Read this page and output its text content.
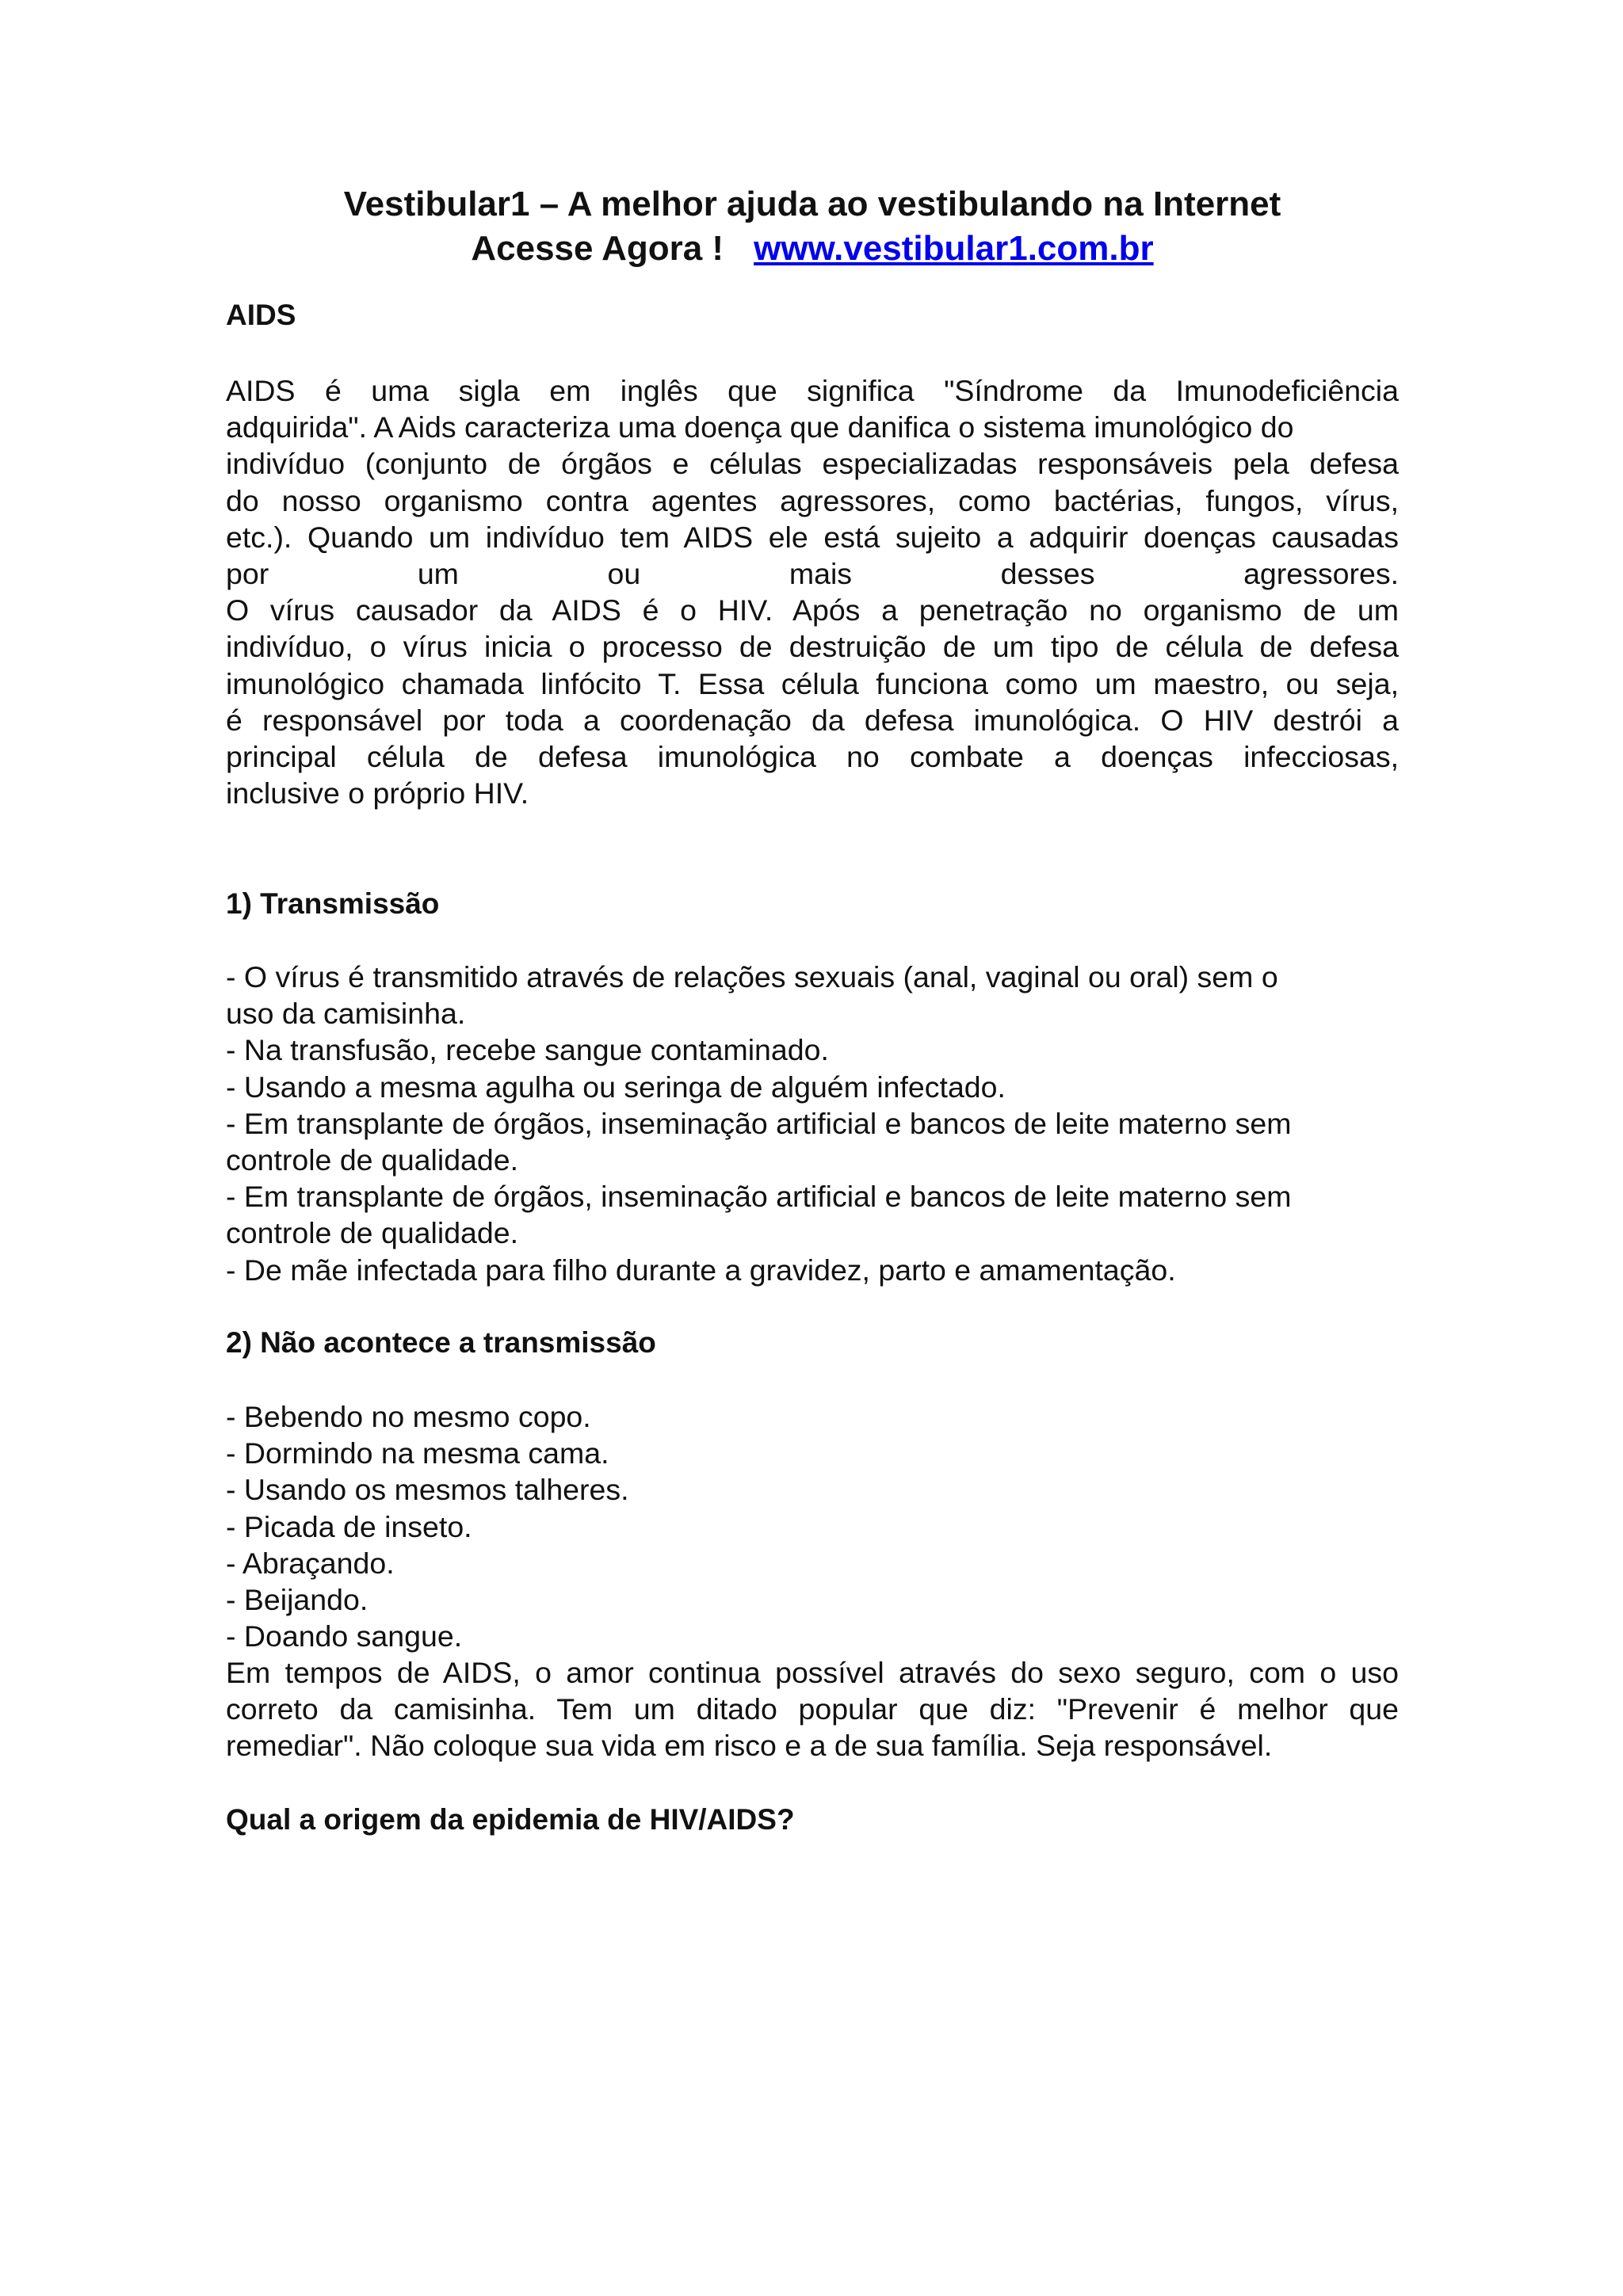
Vestibular1 – A melhor ajuda ao vestibulando na Internet
Acesse Agora ! www.vestibular1.com.br
AIDS
AIDS é uma sigla em inglês que significa "Síndrome da Imunodeficiência
adquirida". A Aids caracteriza uma doença que danifica o sistema imunológico do
indivíduo (conjunto de órgãos e células especializadas responsáveis pela defesa
do nosso organismo contra agentes agressores, como bactérias, fungos, vírus,
etc.). Quando um indivíduo tem AIDS ele está sujeito a adquirir doenças causadas
por um ou mais desses agressores.
O vírus causador da AIDS é o HIV. Após a penetração no organismo de um
indivíduo, o vírus inicia o processo de destruição de um tipo de célula de defesa
imunológico chamada linfócito T. Essa célula funciona como um maestro, ou seja,
é responsável por toda a coordenação da defesa imunológica. O HIV destrói a
principal célula de defesa imunológica no combate a doenças infecciosas,
inclusive o próprio HIV.
1) Transmissão
- O vírus é transmitido através de relações sexuais (anal, vaginal ou oral) sem o
uso da camisinha.
- Na transfusão, recebe sangue contaminado.
- Usando a mesma agulha ou seringa de alguém infectado.
- Em transplante de órgãos, inseminação artificial e bancos de leite materno sem
controle de qualidade.
- Em transplante de órgãos, inseminação artificial e bancos de leite materno sem
controle de qualidade.
- De mãe infectada para filho durante a gravidez, parto e amamentação.
2) Não acontece a transmissão
- Bebendo no mesmo copo.
- Dormindo na mesma cama.
- Usando os mesmos talheres.
- Picada de inseto.
- Abraçando.
- Beijando.
- Doando sangue.
Em tempos de AIDS, o amor continua possível através do sexo seguro, com o uso
correto da camisinha. Tem um ditado popular que diz: "Prevenir é melhor que
remediar". Não coloque sua vida em risco e a de sua família. Seja responsável.
Qual a origem da epidemia de HIV/AIDS?
